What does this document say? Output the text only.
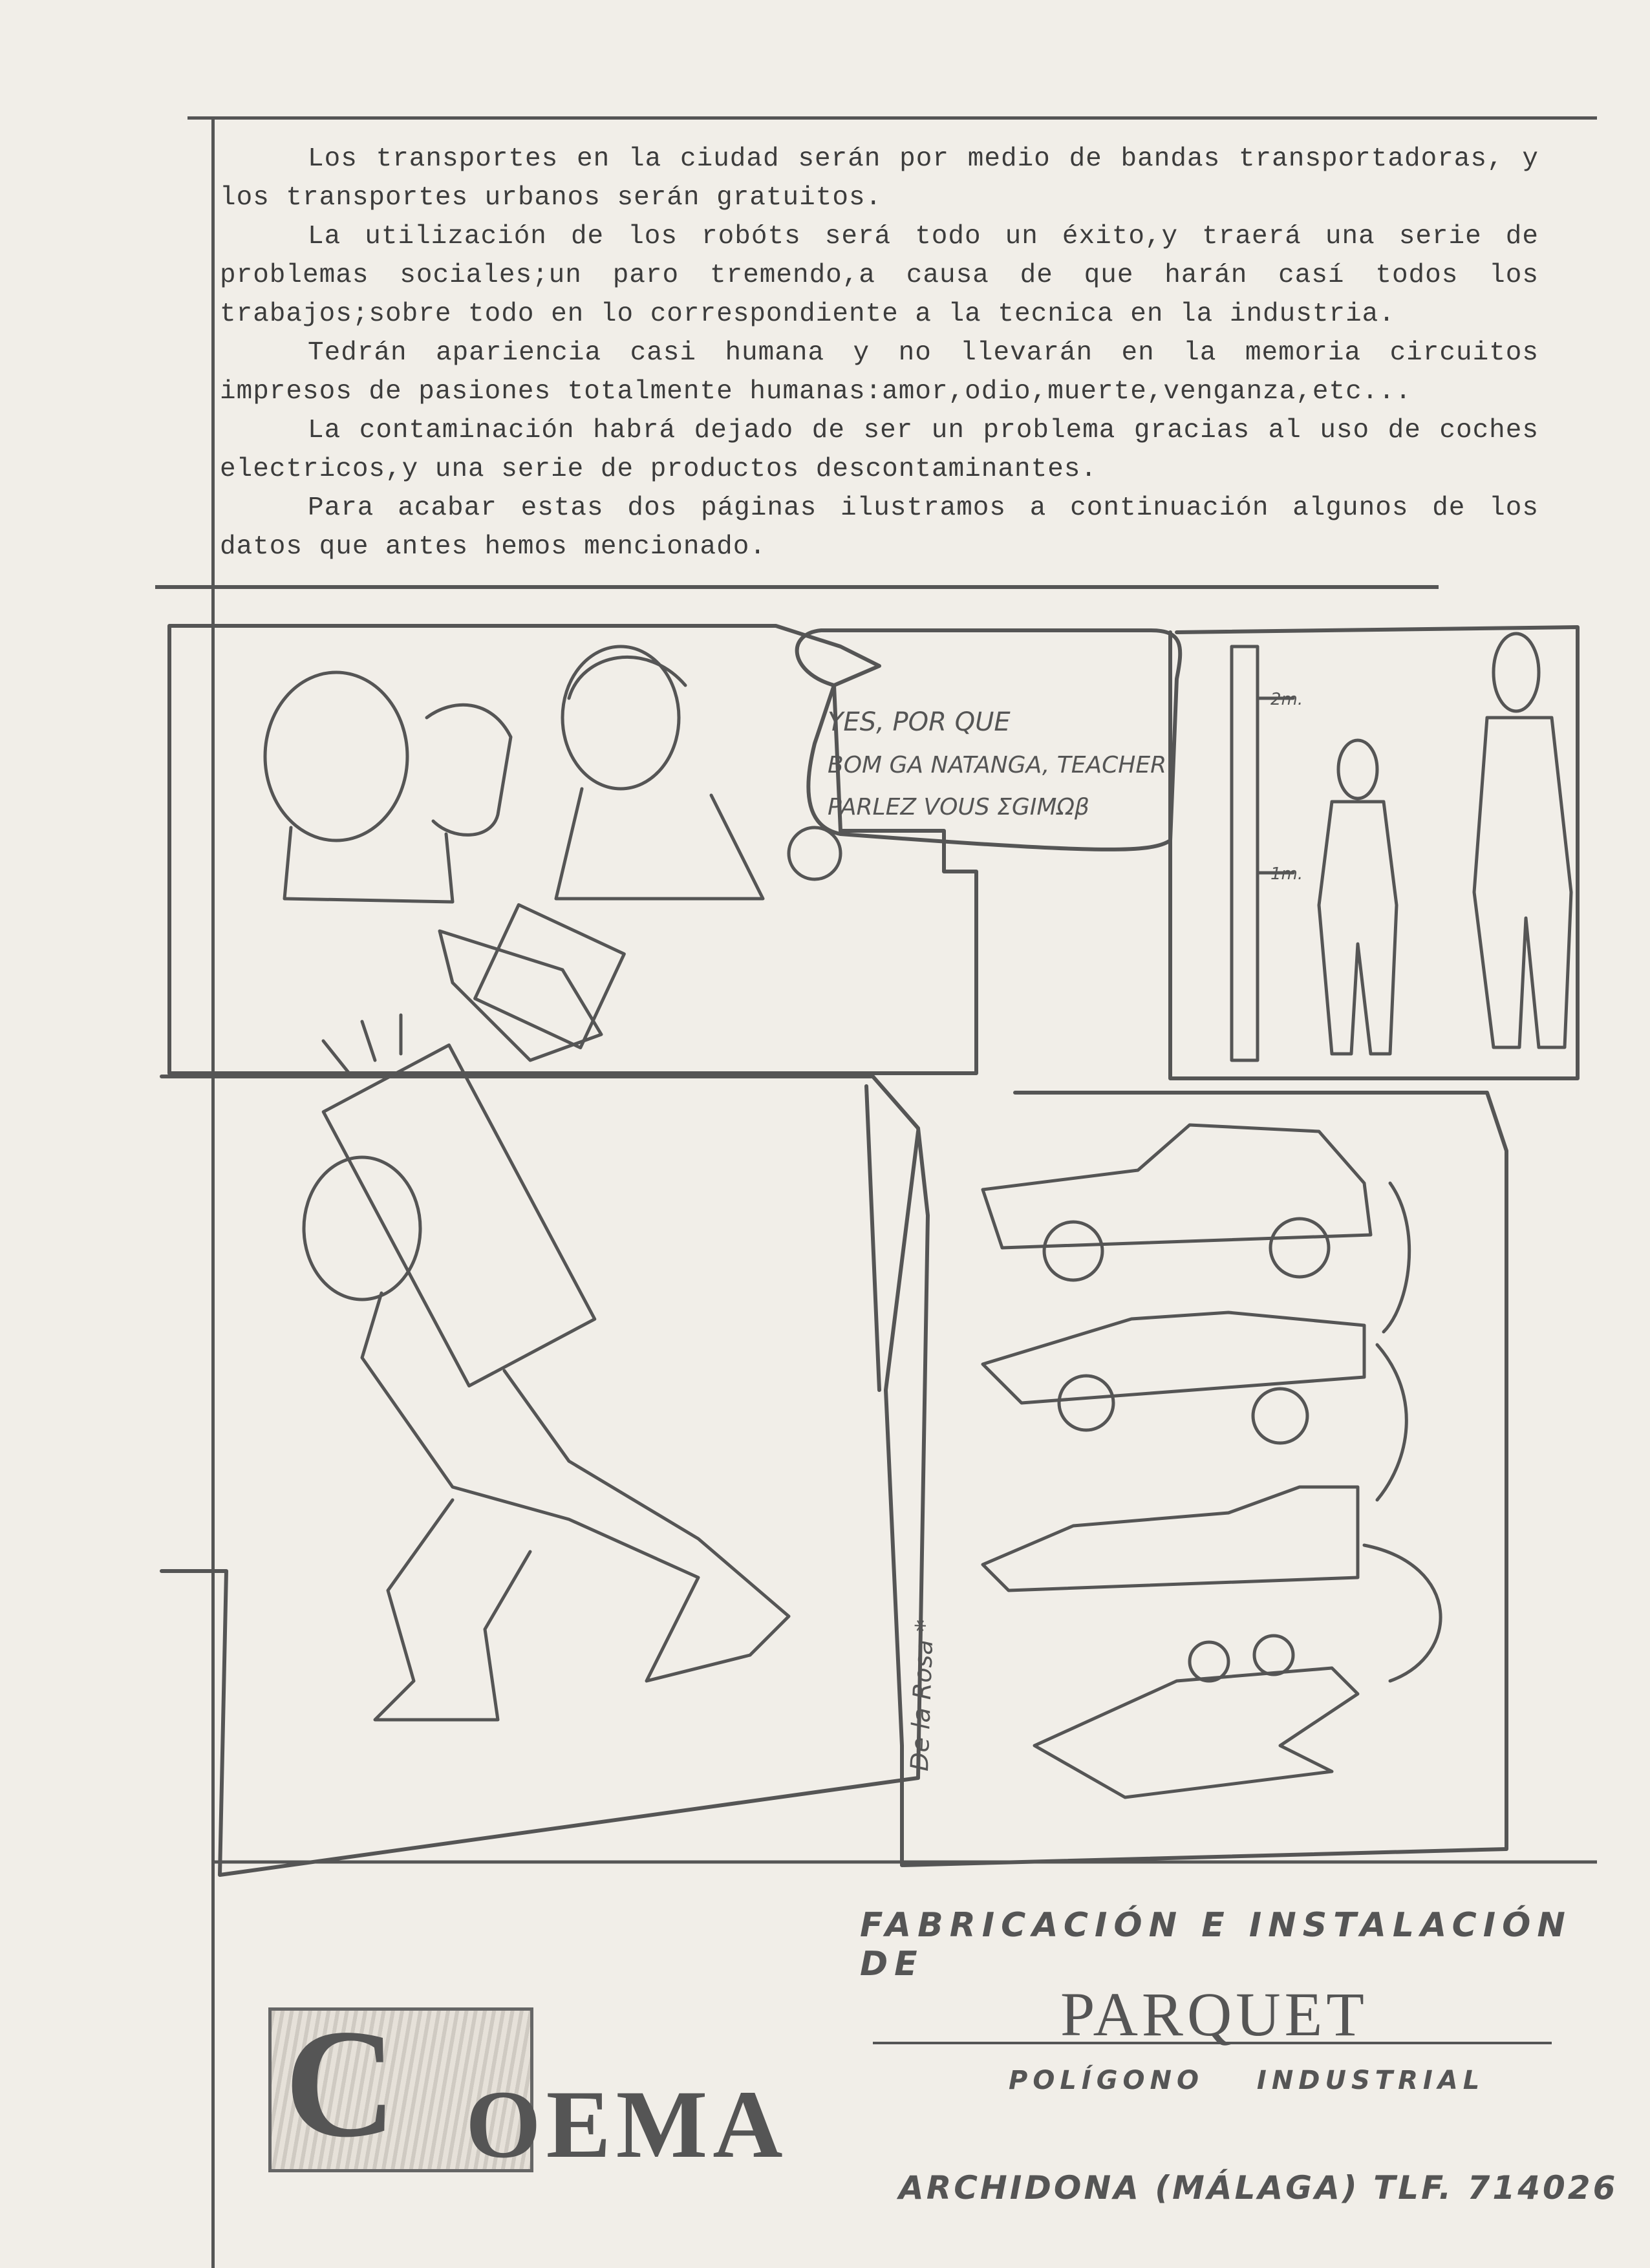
Los transportes en la ciudad serán por medio de bandas transportadoras, y los transportes urbanos serán gratuitos.

La utilización de los robóts será todo un éxito,y traerá una serie de problemas sociales;un paro tremendo,a causa de que harán casí todos los trabajos;sobre todo en lo correspondiente a la tecnica en la industria.

Tedrán apariencia casi humana y no llevarán en la memoria circuitos impresos de pasiones totalmente humanas:amor,odio,muerte,venganza,etc...

La contaminación habrá dejado de ser un problema gracias al uso de coches electricos,y una serie de productos descontaminantes.

Para acabar estas dos páginas ilustramos a continuación algunos de los datos que antes hemos mencionado.

YES, POR QUE
BOM GA NATANGA, TEACHER
PARLEZ VOUS ΣGIMΩβ
2m.
1m.
De la Rosa *
FABRICACIÓN E INSTALACIÓN DE
PARQUET
POLÍGONO INDUSTRIAL
ARCHIDONA (MÁLAGA) TLF. 714026
C OEMA
